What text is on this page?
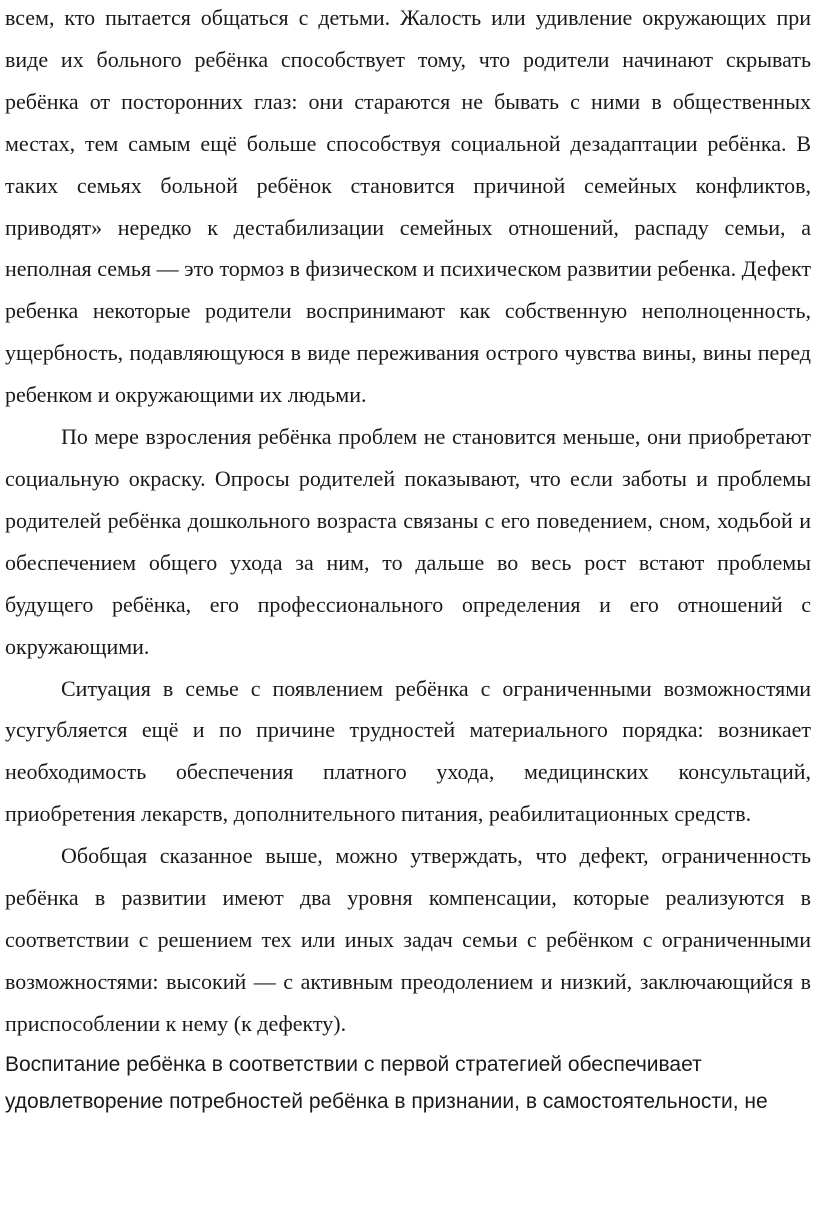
всем, кто пытается общаться с детьми. Жалость или удивление окружающих при виде их больного ребёнка способствует тому, что родители начинают скрывать ребёнка от посторонних глаз: они стараются не бывать с ними в общественных местах, тем самым ещё больше способствуя социальной дезадаптации ребёнка. В таких семьях больной ребёнок становится причиной семейных конфликтов, приводят» нередко к дестабилизации семейных отношений, распаду семьи, а неполная семья — это тормоз в физическом и психическом развитии ребенка. Дефект ребенка некоторые родители воспринимают как собственную неполноценность, ущербность, подавляющуюся в виде переживания острого чувства вины, вины перед ребенком и окружающими их людьми.

По мере взросления ребёнка проблем не становится меньше, они приобретают социальную окраску. Опросы родителей показывают, что если заботы и проблемы родителей ребёнка дошкольного возраста связаны с его поведением, сном, ходьбой и обеспечением общего ухода за ним, то дальше во весь рост встают проблемы будущего ребёнка, его профессионального определения и его отношений с окружающими.

Ситуация в семье с появлением ребёнка с ограниченными возможностями усугубляется ещё и по причине трудностей материального порядка: возникает необходимость обеспечения платного ухода, медицинских консультаций, приобретения лекарств, дополнительного питания, реабилитационных средств.

Обобщая сказанное выше, можно утверждать, что дефект, ограниченность ребёнка в развитии имеют два уровня компенсации, которые реализуются в соответствии с решением тех или иных задач семьи с ребёнком с ограниченными возможностями: высокий — с активным преодолением и низкий, заключающийся в приспособлении к нему (к дефекту).

Воспитание ребёнка в соответствии с первой стратегией обеспечивает

удовлетворение потребностей ребёнка в признании, в самостоятельности, не
